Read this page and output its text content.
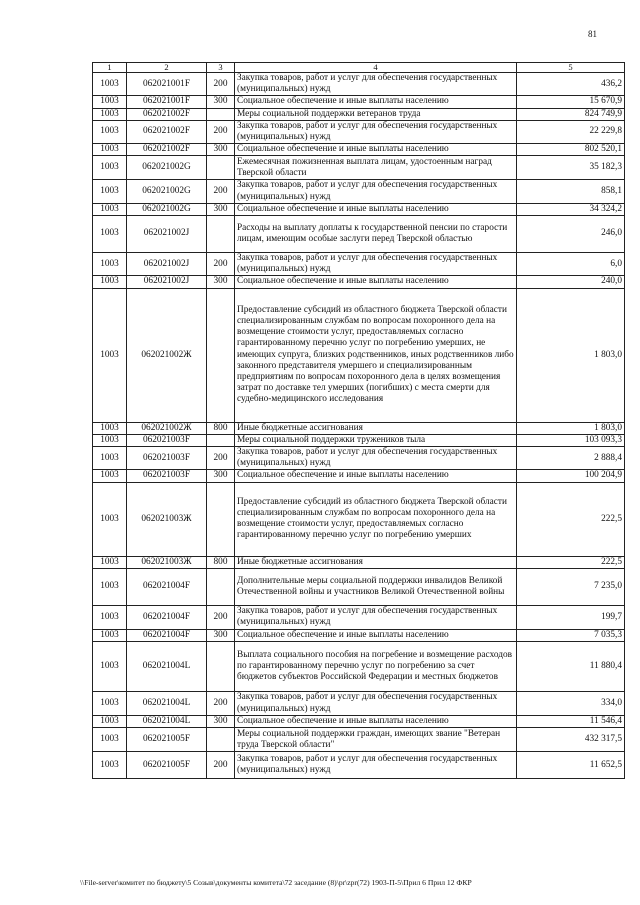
81
1	2	3	4	5
1003	062021001F	200	Закупка товаров, работ и услуг для обеспечения государственных (муниципальных) нужд	436,2
1003	062021001F	300	Социальное обеспечение и иные выплаты населению	15 670,9
1003	062021002F		Меры социальной поддержки ветеранов труда	824 749,9
1003	062021002F	200	Закупка товаров, работ и услуг для обеспечения государственных (муниципальных) нужд	22 229,8
1003	062021002F	300	Социальное обеспечение и иные выплаты населению	802 520,1
1003	062021002G		Ежемесячная пожизненная выплата лицам, удостоенным наград Тверской области	35 182,3
1003	062021002G	200	Закупка товаров, работ и услуг для обеспечения государственных (муниципальных) нужд	858,1
1003	062021002G	300	Социальное обеспечение и иные выплаты населению	34 324,2
1003	062021002J		Расходы на выплату доплаты к государственной пенсии по старости лицам, имеющим особые заслуги перед Тверской областью	246,0
1003	062021002J	200	Закупка товаров, работ и услуг для обеспечения государственных (муниципальных) нужд	6,0
1003	062021002J	300	Социальное обеспечение и иные выплаты населению	240,0
1003	062021002Ж		Предоставление субсидий из областного бюджета Тверской области специализированным службам по вопросам похоронного дела на возмещение стоимости услуг, предоставляемых согласно гарантированному перечню услуг по погребению умерших, не имеющих супруга, близких родственников, иных родственников либо законного представителя умершего и специализированным предприятиям по вопросам похоронного дела в целях возмещения затрат по доставке тел умерших (погибших) с места смерти для судебно-медицинского исследования	1 803,0
1003	062021002Ж	800	Иные бюджетные ассигнования	1 803,0
1003	062021003F		Меры социальной поддержки тружеников тыла	103 093,3
1003	062021003F	200	Закупка товаров, работ и услуг для обеспечения государственных (муниципальных) нужд	2 888,4
1003	062021003F	300	Социальное обеспечение и иные выплаты населению	100 204,9
1003	062021003Ж		Предоставление субсидий из областного бюджета Тверской области специализированным службам по вопросам похоронного дела на возмещение стоимости услуг, предоставляемых согласно гарантированному перечню услуг по погребению умерших	222,5
1003	062021003Ж	800	Иные бюджетные ассигнования	222,5
1003	062021004F		Дополнительные меры социальной поддержки инвалидов Великой Отечественной войны и участников Великой Отечественной войны	7 235,0
1003	062021004F	200	Закупка товаров, работ и услуг для обеспечения государственных (муниципальных) нужд	199,7
1003	062021004F	300	Социальное обеспечение и иные выплаты населению	7 035,3
1003	062021004L		Выплата социального пособия на погребение и возмещение расходов по гарантированному перечню услуг по погребению за счет бюджетов субъектов Российской Федерации и местных бюджетов	11 880,4
1003	062021004L	200	Закупка товаров, работ и услуг для обеспечения государственных (муниципальных) нужд	334,0
1003	062021004L	300	Социальное обеспечение и иные выплаты населению	11 546,4
1003	062021005F		Меры социальной поддержки граждан, имеющих звание "Ветеран труда Тверской области"	432 317,5
1003	062021005F	200	Закупка товаров, работ и услуг для обеспечения государственных (муниципальных) нужд	11 652,5
\\File-server\комитет по бюджету\5 Созыв\документы комитета\72 заседание (8)\pr\zpr(72) 1903-П-5\Прил 6 Прил 12 ФКР
